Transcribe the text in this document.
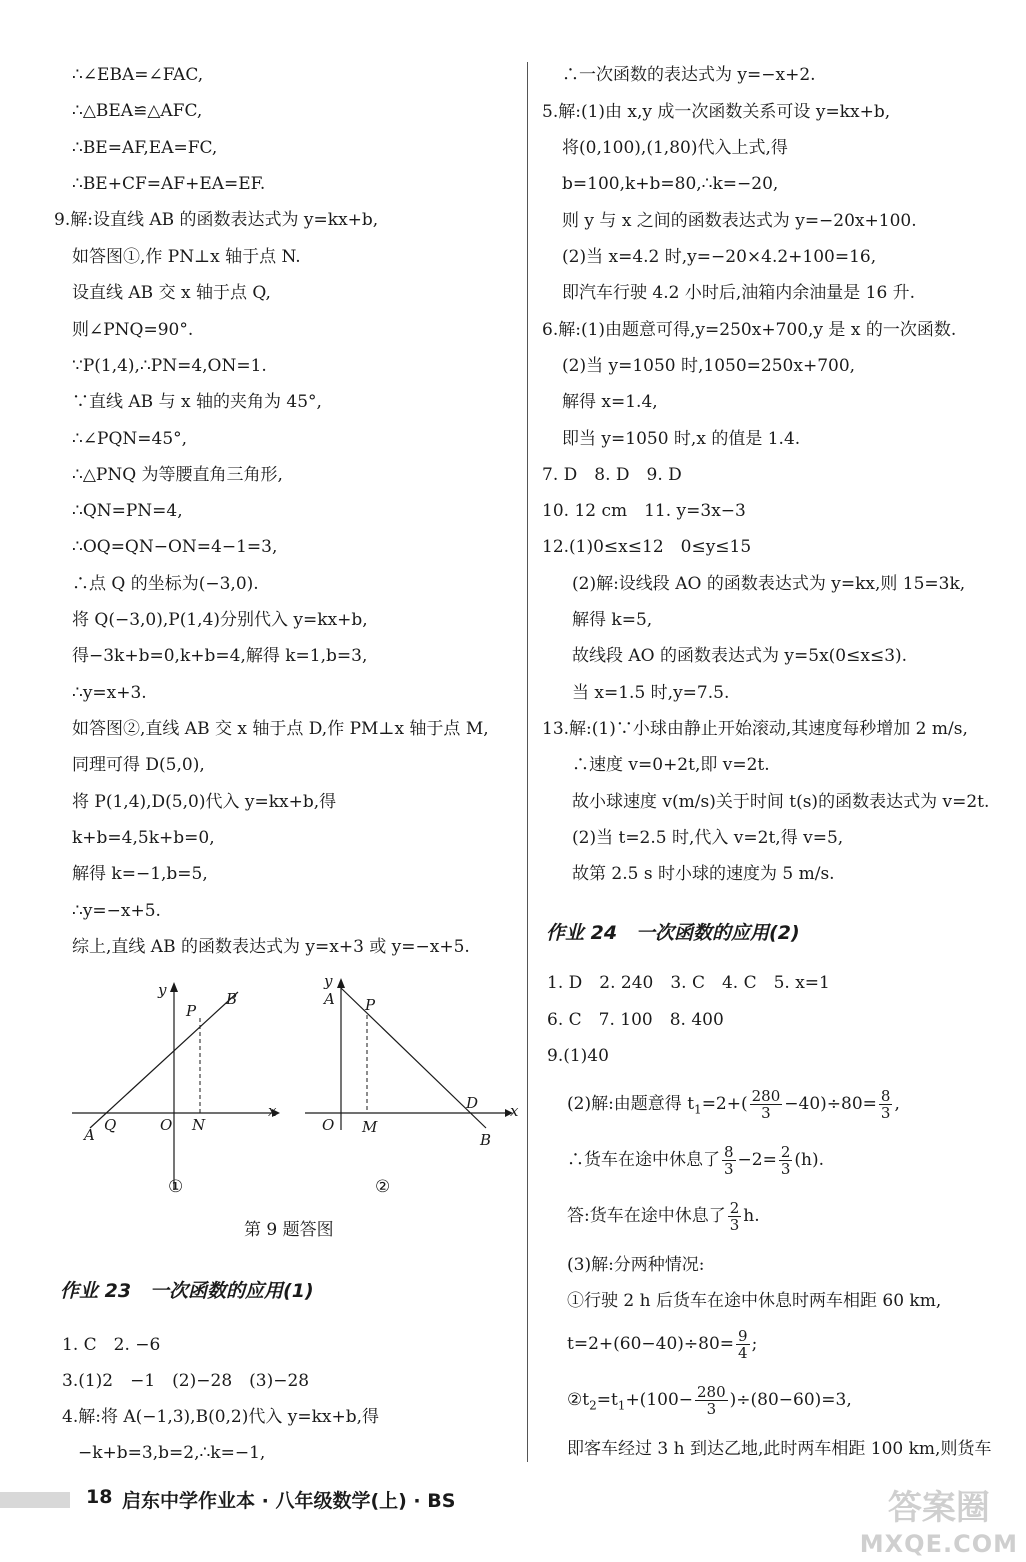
∴∠EBA=∠FAC,
∴△BEA≌△AFC,
∴BE=AF,EA=FC,
∴BE+CF=AF+EA=EF.
9.解:设直线 AB 的函数表达式为 y=kx+b,
如答图①,作 PN⊥x 轴于点 N.
设直线 AB 交 x 轴于点 Q,
则∠PNQ=90°.
∵P(1,4),∴PN=4,ON=1.
∵直线 AB 与 x 轴的夹角为 45°,
∴∠PQN=45°,
∴△PNQ 为等腰直角三角形,
∴QN=PN=4,
∴OQ=QN−ON=4−1=3,
∴点 Q 的坐标为(−3,0).
将 Q(−3,0),P(1,4)分别代入 y=kx+b,
得−3k+b=0,k+b=4,解得 k=1,b=3,
∴y=x+3.
如答图②,直线 AB 交 x 轴于点 D,作 PM⊥x 轴于点 M,
同理可得 D(5,0),
将 P(1,4),D(5,0)代入 y=kx+b,得
k+b=4,5k+b=0,
解得 k=−1,b=5,
∴y=−x+5.
综上,直线 AB 的函数表达式为 y=x+3 或 y=−x+5.
y
x
P
B
O
Q	N
A
①
y
x
A P
O M
D
B
②
第 9 题答图
作业 23　一次函数的应用(1)
1. C　2. −6
3.(1)2　−1　(2)−28　(3)−28
4.解:将 A(−1,3),B(0,2)代入 y=kx+b,得
−k+b=3,b=2,∴k=−1,
∴一次函数的表达式为 y=−x+2.
5.解:(1)由 x,y 成一次函数关系可设 y=kx+b,
将(0,100),(1,80)代入上式,得
b=100,k+b=80,∴k=−20,
则 y 与 x 之间的函数表达式为 y=−20x+100.
(2)当 x=4.2 时,y=−20×4.2+100=16,
即汽车行驶 4.2 小时后,油箱内余油量是 16 升.
6.解:(1)由题意可得,y=250x+700,y 是 x 的一次函数.
(2)当 y=1050 时,1050=250x+700,
解得 x=1.4,
即当 y=1050 时,x 的值是 1.4.
7. D　8. D　9. D
10. 12 cm　11. y=3x−3
12.(1)0≤x≤12　0≤y≤15
(2)解:设线段 AO 的函数表达式为 y=kx,则 15=3k,
解得 k=5,
故线段 AO 的函数表达式为 y=5x(0≤x≤3).
当 x=1.5 时,y=7.5.
13.解:(1)∵小球由静止开始滚动,其速度每秒增加 2 m/s,
∴速度 v=0+2t,即 v=2t.
故小球速度 v(m/s)关于时间 t(s)的函数表达式为 v=2t.
(2)当 t=2.5 时,代入 v=2t,得 v=5,
故第 2.5 s 时小球的速度为 5 m/s.
作业 24　一次函数的应用(2)
1. D　2. 240　3. C　4. C　5. x=1
6. C　7. 100　8. 400
9.(1)40
(2)解:由题意得 $t_1=2+( \frac{280}{3} -40)\div 80= \frac{8}{3}$ ,
∴货车在途中休息了 $\frac{8}{3} -2= \frac{2}{3} (h)$.
答:货车在途中休息了 $\frac{2}{3} h$.
(3)解:分两种情况:
①行驶 2 h 后货车在途中休息时两车相距 60 km,
$t=2+(60-40)\div 80= \frac{9}{4}$ ;
$②t_2=t_1+(100- \frac{280}{3} )\div(80-60)=3$,
即客车经过 3 h 到达乙地,此时两车相距 100 km,则货车
18 启东中学作业本 · 八年级数学(上) · BS	答案圈
MXQE.COM
